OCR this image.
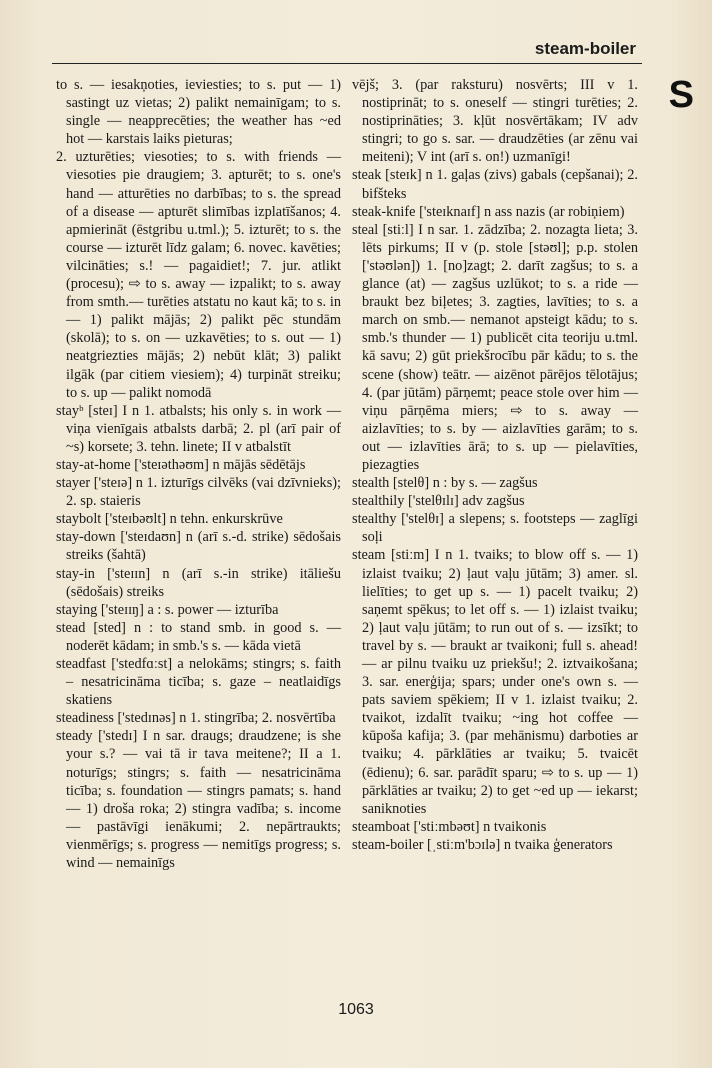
steam-boiler
S

to s. — iesakņoties, ieviesties; to s. put — 1) sastingt uz vietas; 2) palikt nemainīgam; to s. single — neapprecēties; the weather has ~ed hot — karstais laiks pieturas;

2. uzturēties; viesoties; to s. with friends — viesoties pie draugiem; 3. apturēt; to s. one's hand — atturēties no darbības; to s. the spread of a disease — apturēt slimības izplatīšanos; 4. apmierināt (ēstgribu u.tml.); 5. izturēt; to s. the course — izturēt līdz galam; 6. novec. kavēties; vilcināties; s.! — pagaidiet!; 7. jur. atlikt (procesu); ⇨ to s. away — izpalikt; to s. away from smth.— turēties atstatu no kaut kā; to s. in — 1) palikt mājās; 2) palikt pēc stundām (skolā); to s. on — uzkavēties; to s. out — 1) neatgriezties mājās; 2) nebūt klāt; 3) palikt ilgāk (par citiem viesiem); 4) turpināt streiku; to s. up — palikt nomodā

stayᵇ [steɪ] I n 1. atbalsts; his only s. in work — viņa vienīgais atbalsts darbā; 2. pl (arī pair of ~s) korsete; 3. tehn. linete; II v atbalstīt

stay-at-home ['steɪəthəʊm] n mājās sēdētājs

stayer ['steɪə] n 1. izturīgs cilvēks (vai dzīvnieks); 2. sp. staieris

staybolt ['steɪbəʊlt] n tehn. enkurskrūve

stay-down ['steɪdaʊn] n (arī s.-d. strike) sēdošais streiks (šahtā)

stay-in ['steɪɪn] n (arī s.-in strike) itāliešu (sēdošais) streiks

staying ['steɪɪŋ] a : s. power — izturība

stead [sted] n : to stand smb. in good s. — noderēt kādam; in smb.'s s. — kāda vietā

steadfast ['stedfɑːst] a nelokāms; stingrs; s. faith – nesatricināma ticība; s. gaze – neatlaidīgs skatiens

steadiness ['stedɪnəs] n 1. stingrība; 2. nosvērtība

steady ['stedɪ] I n sar. draugs; draudzene; is she your s.? — vai tā ir tava meitene?; II a 1. noturīgs; stingrs; s. faith — nesatricināma ticība; s. foundation — stingrs pamats; s. hand — 1) droša roka; 2) stingra vadība; s. income — pastāvīgi ienākumi; 2. nepārtraukts; vienmērīgs; s. progress — nemitīgs progress; s. wind — nemainīgs

vējš; 3. (par raksturu) nosvērts; III v 1. nostiprināt; to s. oneself — stingri turēties; 2. nostiprināties; 3. kļūt nosvērtākam; IV adv stingri; to go s. sar. — draudzēties (ar zēnu vai meiteni); V int (arī s. on!) uzmanīgi!

steak [steɪk] n 1. gaļas (zivs) gabals (cepšanai); 2. bifšteks

steak-knife ['steɪknaɪf] n ass nazis (ar robiņiem)

steal [stiːl] I n sar. 1. zādzība; 2. nozagta lieta; 3. lēts pirkums; II v (p. stole [stəʊl]; p.p. stolen ['stəʊlən]) 1. [no]zagt; 2. darīt zagšus; to s. a glance (at) — zagšus uzlūkot; to s. a ride — braukt bez biļetes; 3. zagties, lavīties; to s. a march on smb.— nemanot apsteigt kādu; to s. smb.'s thunder — 1) publicēt cita teoriju u.tml. kā savu; 2) gūt priekšrocību pār kādu; to s. the scene (show) teātr. — aizēnot pārējos tēlotājus; 4. (par jūtām) pārņemt; peace stole over him — viņu pārņēma miers; ⇨ to s. away — aizlavīties; to s. by — aizlavīties garām; to s. out — izlavīties ārā; to s. up — pielavīties, piezagties

stealth [stelθ] n : by s. — zagšus

stealthily ['stelθɪlɪ] adv zagšus

stealthy ['stelθɪ] a slepens; s. footsteps — zaglīgi soļi

steam [stiːm] I n 1. tvaiks; to blow off s. — 1) izlaist tvaiku; 2) ļaut vaļu jūtām; 3) amer. sl. lielīties; to get up s. — 1) pacelt tvaiku; 2) saņemt spēkus; to let off s. — 1) izlaist tvaiku; 2) ļaut vaļu jūtām; to run out of s. — izsīkt; to travel by s. — braukt ar tvaikoni; full s. ahead! — ar pilnu tvaiku uz priekšu!; 2. iztvaikošana; 3. sar. enerģija; spars; under one's own s. — pats saviem spēkiem; II v 1. izlaist tvaiku; 2. tvaikot, izdalīt tvaiku; ~ing hot coffee — kūpoša kafija; 3. (par mehānismu) darboties ar tvaiku; 4. pārklāties ar tvaiku; 5. tvaicēt (ēdienu); 6. sar. parādīt sparu; ⇨ to s. up — 1) pārklāties ar tvaiku; 2) to get ~ed up — iekarst; saniknoties

steamboat ['stiːmbəʊt] n tvaikonis

steam-boiler [ˌstiːm'bɔɪlə] n tvaika ģenerators

1063
